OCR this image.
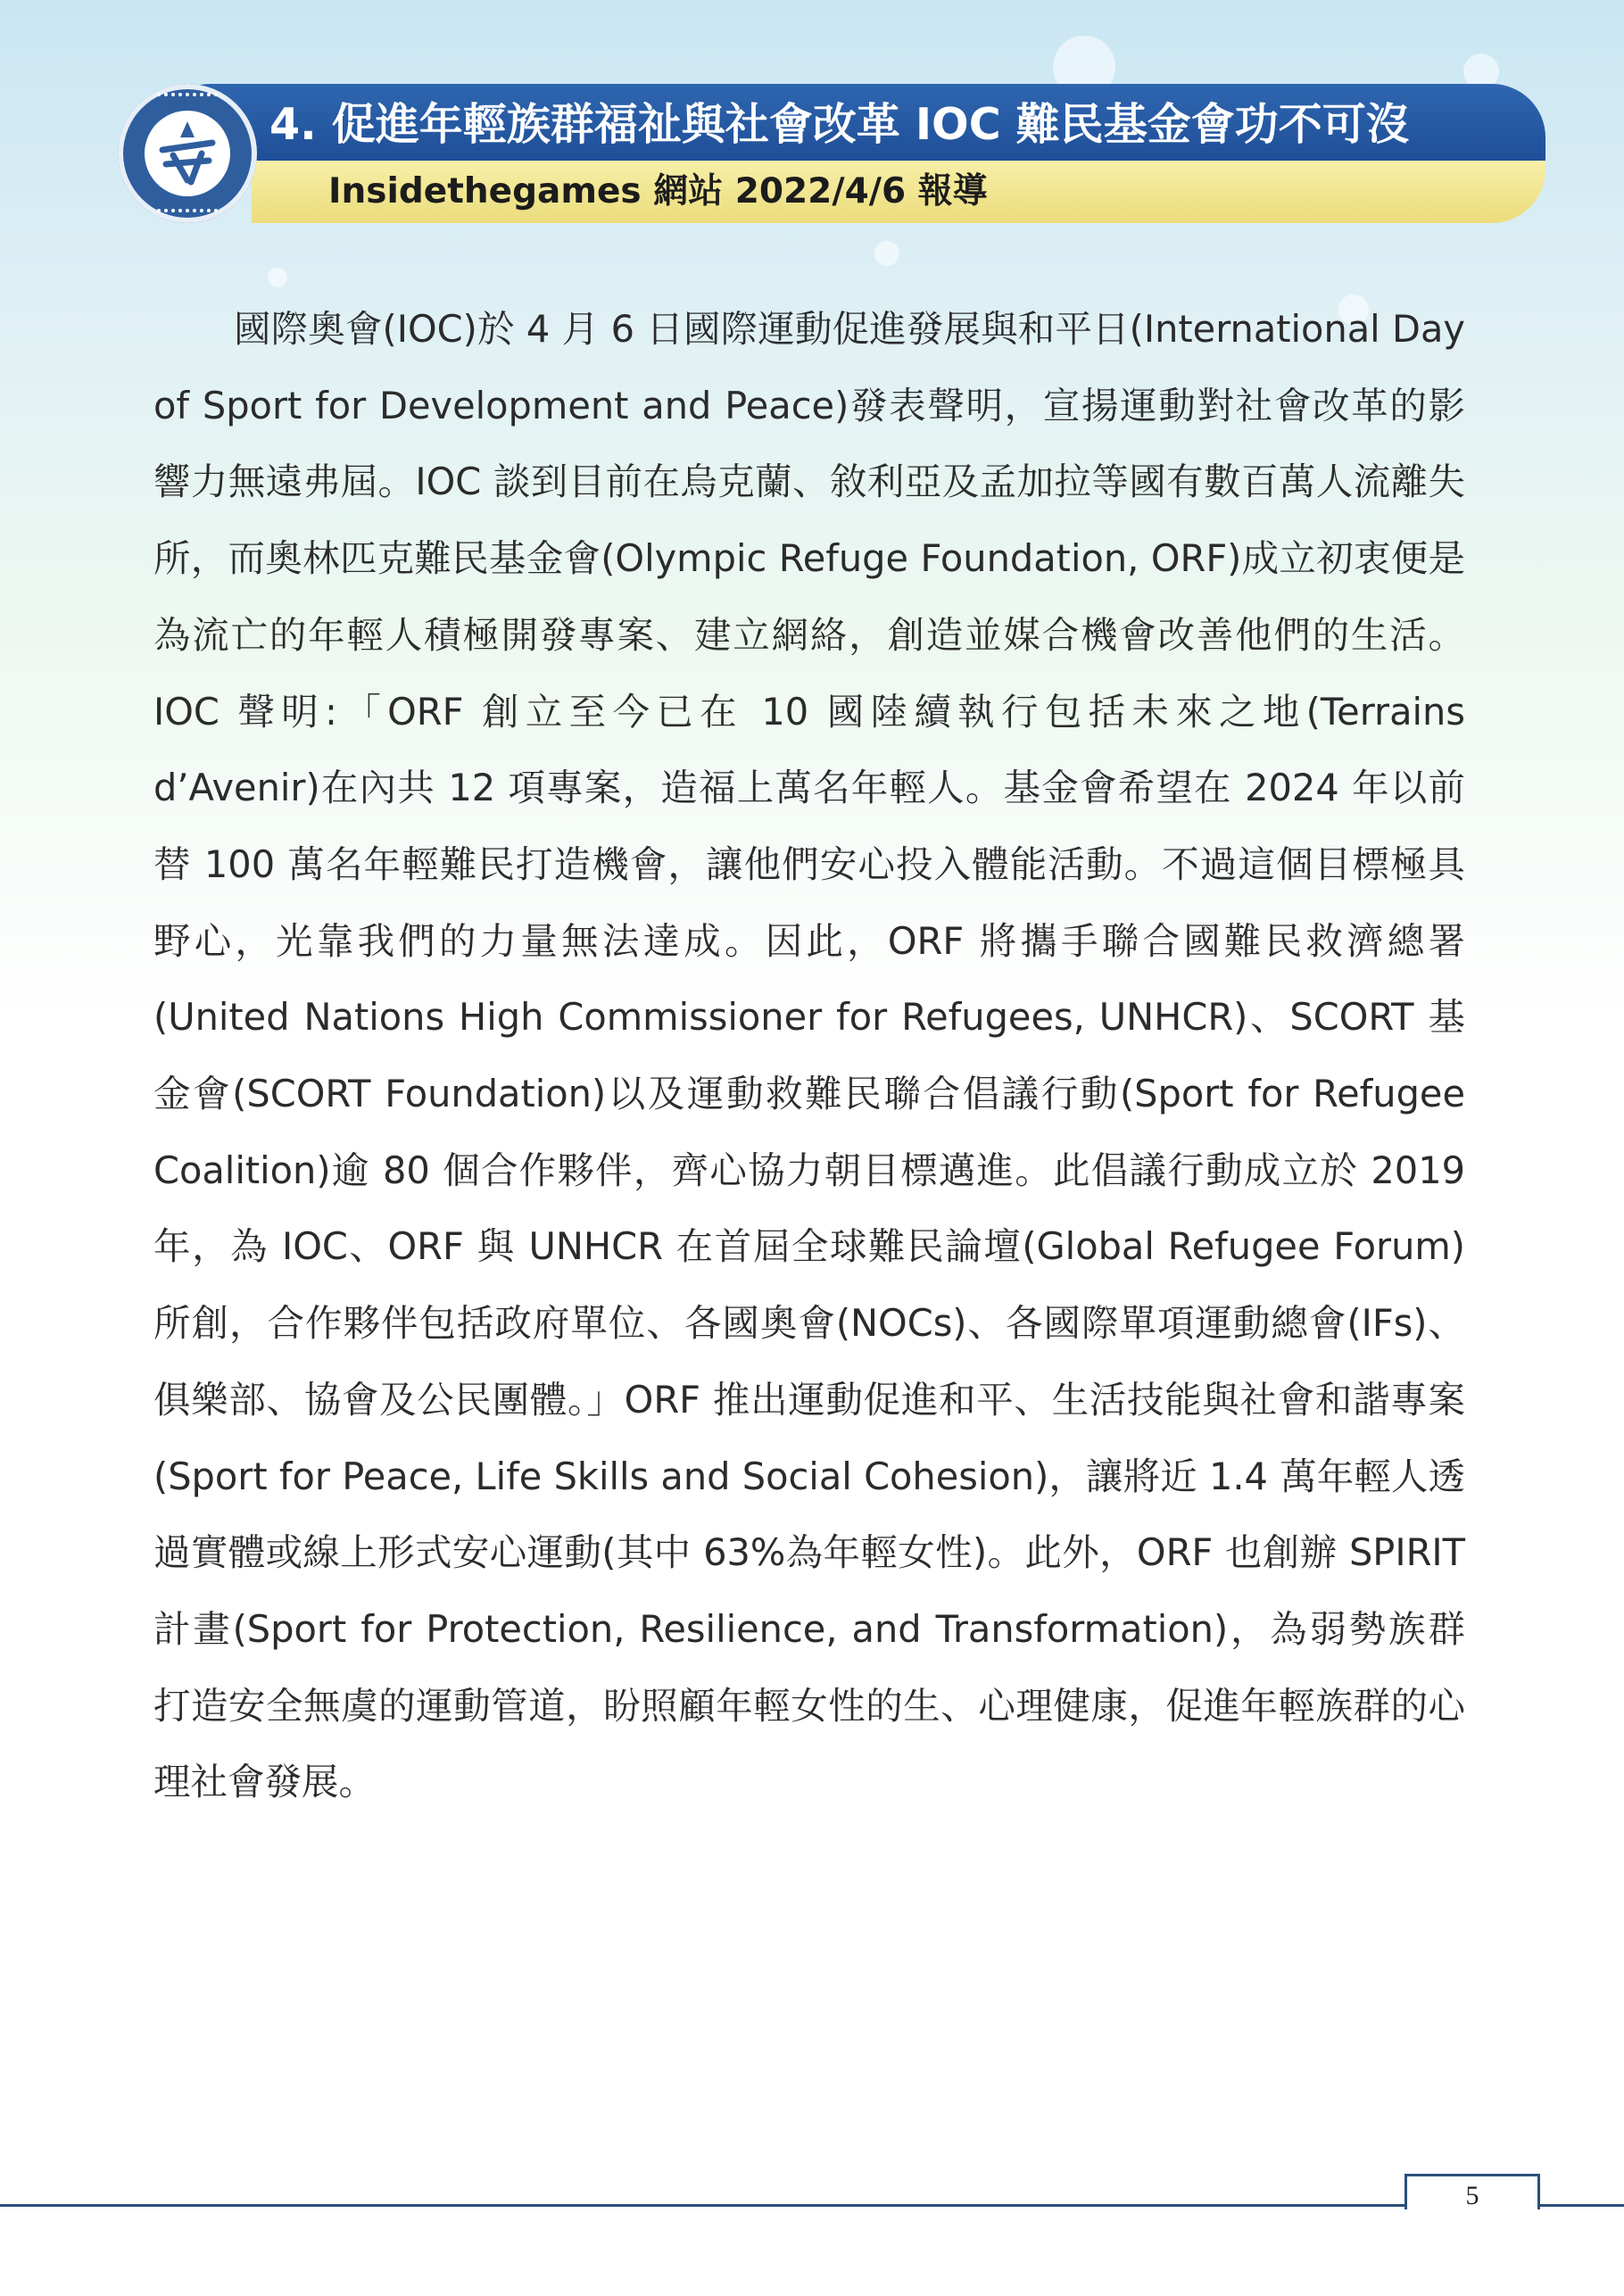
4. 促進年輕族群福祉與社會改革 IOC 難民基金會功不可沒
Insidethegames 網站 2022/4/6 報導

國際奧會(IOC)於 4 月 6 日國際運動促進發展與和平日(International Day of Sport for Development and Peace)發表聲明，宣揚運動對社會改革的影響力無遠弗屆。IOC 談到目前在烏克蘭、敘利亞及孟加拉等國有數百萬人流離失所，而奧林匹克難民基金會(Olympic Refuge Foundation, ORF)成立初衷便是為流亡的年輕人積極開發專案、建立網絡，創造並媒合機會改善他們的生活。IOC 聲明:「ORF 創立至今已在 10 國陸續執行包括未來之地(Terrains d’Avenir)在內共 12 項專案，造福上萬名年輕人。基金會希望在 2024 年以前替 100 萬名年輕難民打造機會，讓他們安心投入體能活動。不過這個目標極具野心，光靠我們的力量無法達成。因此，ORF 將攜手聯合國難民救濟總署(United Nations High Commissioner for Refugees, UNHCR)、SCORT 基金會(SCORT Foundation)以及運動救難民聯合倡議行動(Sport for Refugee Coalition)逾 80 個合作夥伴，齊心協力朝目標邁進。此倡議行動成立於 2019 年，為 IOC、ORF 與 UNHCR 在首屆全球難民論壇(Global Refugee Forum)所創，合作夥伴包括政府單位、各國奧會(NOCs)、各國際單項運動總會(IFs)、俱樂部、協會及公民團體。」ORF 推出運動促進和平、生活技能與社會和諧專案(Sport for Peace, Life Skills and Social Cohesion)，讓將近 1.4 萬年輕人透過實體或線上形式安心運動(其中 63%為年輕女性)。此外，ORF 也創辦 SPIRIT 計畫(Sport for Protection, Resilience, and Transformation)，為弱勢族群打造安全無虞的運動管道，盼照顧年輕女性的生、心理健康，促進年輕族群的心理社會發展。

5
